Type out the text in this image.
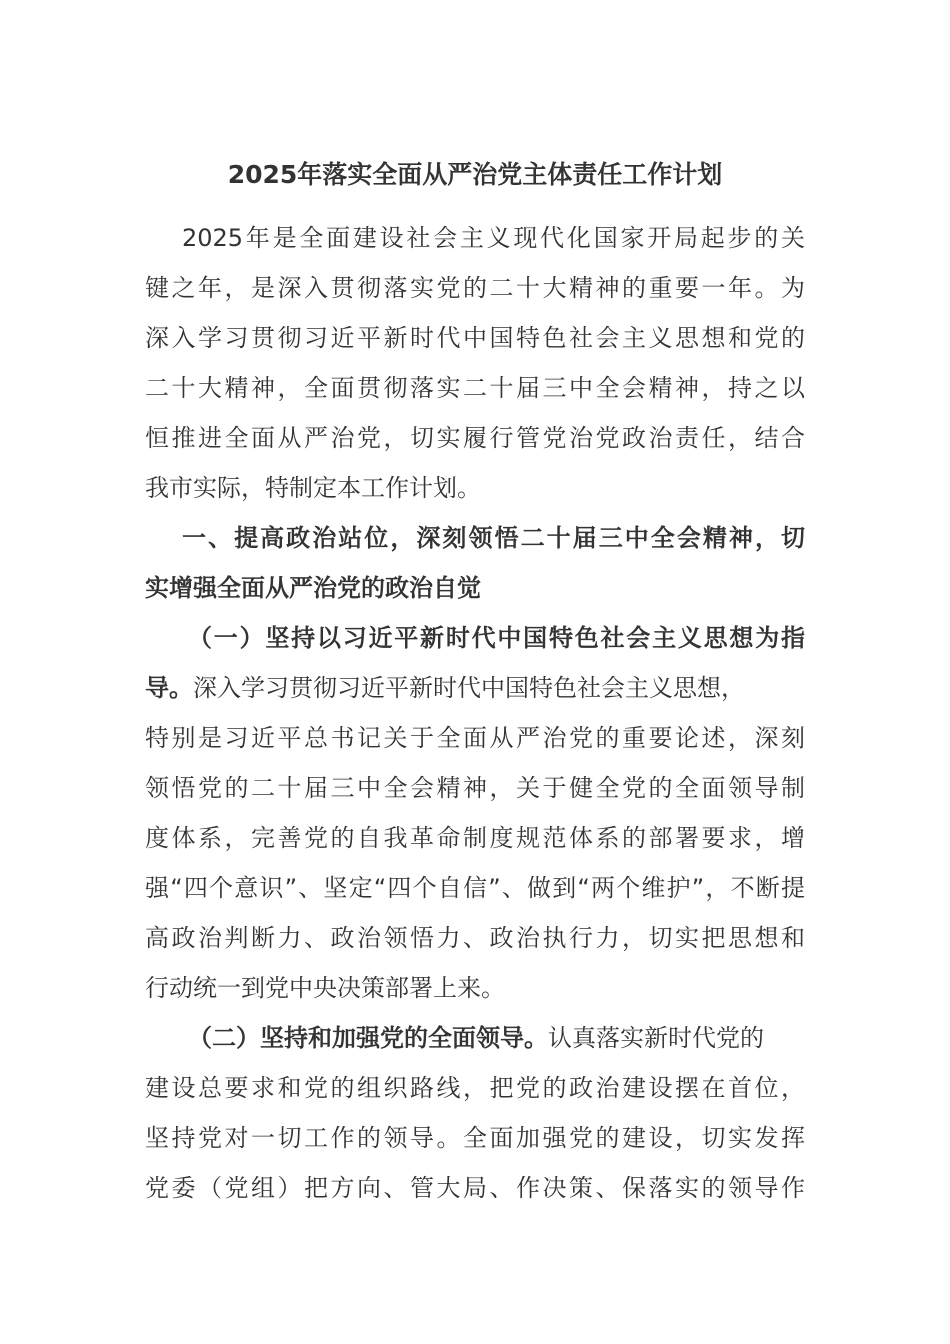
2025年落实全面从严治党主体责任工作计划
2025年是全面建设社会主义现代化国家开局起步的关
键之年，是深入贯彻落实党的二十大精神的重要一年。为
深入学习贯彻习近平新时代中国特色社会主义思想和党的
二十大精神，全面贯彻落实二十届三中全会精神，持之以
恒推进全面从严治党，切实履行管党治党政治责任，结合
我市实际，特制定本工作计划。
一、提高政治站位，深刻领悟二十届三中全会精神，切
实增强全面从严治党的政治自觉
（一）坚持以习近平新时代中国特色社会主义思想为指
导。深入学习贯彻习近平新时代中国特色社会主义思想，
特别是习近平总书记关于全面从严治党的重要论述，深刻
领悟党的二十届三中全会精神，关于健全党的全面领导制
度体系，完善党的自我革命制度规范体系的部署要求，增
强“四个意识”、坚定“四个自信”、做到“两个维护”，不断提
高政治判断力、政治领悟力、政治执行力，切实把思想和
行动统一到党中央决策部署上来。
（二）坚持和加强党的全面领导。认真落实新时代党的
建设总要求和党的组织路线，把党的政治建设摆在首位，
坚持党对一切工作的领导。全面加强党的建设，切实发挥
党委（党组）把方向、管大局、作决策、保落实的领导作
